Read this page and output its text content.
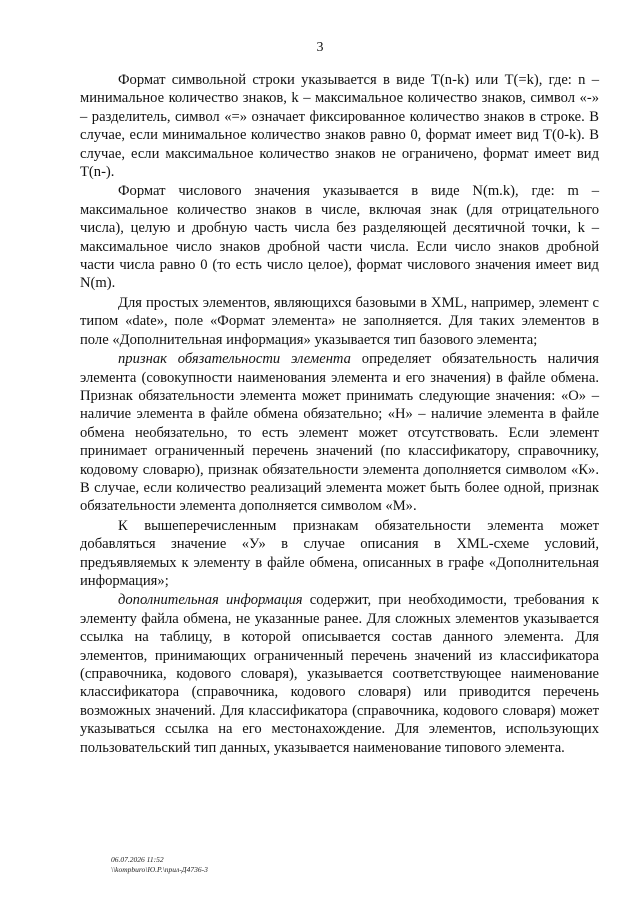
3

Формат символьной строки указывается в виде T(n-k) или T(=k), где: n – минимальное количество знаков, k – максимальное количество знаков, символ «-» – разделитель, символ «=» означает фиксированное количество знаков в строке. В случае, если минимальное количество знаков равно 0, формат имеет вид T(0-k). В случае, если максимальное количество знаков не ограничено, формат имеет вид T(n-).

Формат числового значения указывается в виде N(m.k), где: m – максимальное количество знаков в числе, включая знак (для отрицательного числа), целую и дробную часть числа без разделяющей десятичной точки, k – максимальное число знаков дробной части числа. Если число знаков дробной части числа равно 0 (то есть число целое), формат числового значения имеет вид N(m).

Для простых элементов, являющихся базовыми в XML, например, элемент с типом «date», поле «Формат элемента» не заполняется. Для таких элементов в поле «Дополнительная информация» указывается тип базового элемента;

признак обязательности элемента определяет обязательность наличия элемента (совокупности наименования элемента и его значения) в файле обмена. Признак обязательности элемента может принимать следующие значения: «О» – наличие элемента в файле обмена обязательно; «Н» – наличие элемента в файле обмена необязательно, то есть элемент может отсутствовать. Если элемент принимает ограниченный перечень значений (по классификатору, справочнику, кодовому словарю), признак обязательности элемента дополняется символом «К». В случае, если количество реализаций элемента может быть более одной, признак обязательности элемента дополняется символом «М».

К вышеперечисленным признакам обязательности элемента может добавляться значение «У» в случае описания в XML-схеме условий, предъявляемых к элементу в файле обмена, описанных в графе «Дополнительная информация»;

дополнительная информация содержит, при необходимости, требования к элементу файла обмена, не указанные ранее. Для сложных элементов указывается ссылка на таблицу, в которой описывается состав данного элемента. Для элементов, принимающих ограниченный перечень значений из классификатора (справочника, кодового словаря), указывается соответствующее наименование классификатора (справочника, кодового словаря) или приводится перечень возможных значений. Для классификатора (справочника, кодового словаря) может указываться ссылка на его местонахождение. Для элементов, использующих пользовательский тип данных, указывается наименование типового элемента.

06.07.2026 11:52
\\kompburo\Ю.Р.\прил-Д4736-3
